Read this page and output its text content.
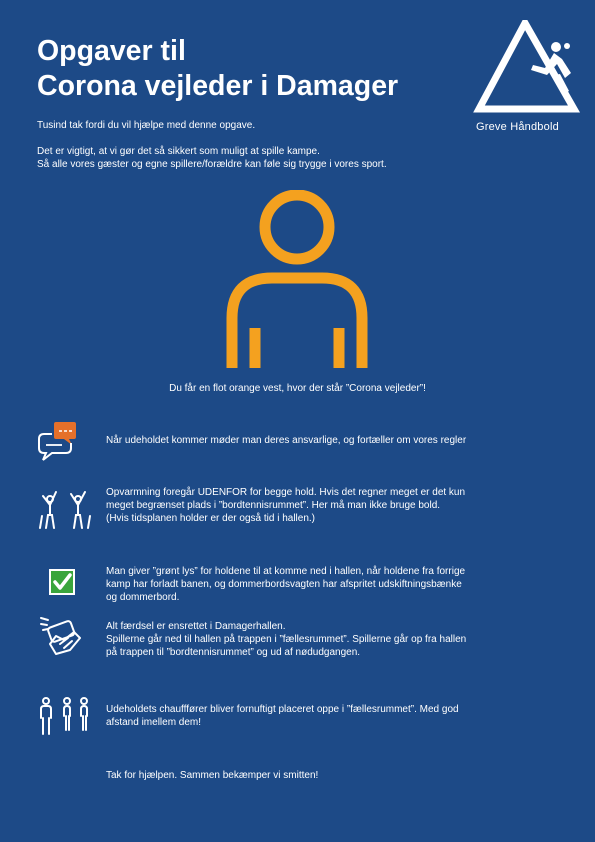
Opgaver til
Corona vejleder i Damager
Greve Håndbold

Tusind tak fordi du vil hjælpe med denne opgave.

Det er vigtigt, at vi gør det så sikkert som muligt at spille kampe.

Så alle vores gæster og egne spillere/forældre kan føle sig trygge i vores sport.

Du får en flot orange vest, hvor der står ”Corona vejleder”!

Når udeholdet kommer møder man deres ansvarlige, og fortæller om vores regler

Opvarmning foregår UDENFOR for begge hold. Hvis det regner meget er det kun

meget begrænset plads i ”bordtennisrummet”. Her må man ikke bruge bold.

(Hvis tidsplanen holder er der også tid i hallen.)

Man giver ”grønt lys” for holdene til at komme ned i hallen, når holdene fra forrige

kamp har forladt banen, og dommerbordsvagten har afspritet udskiftningsbænke

og dommerbord.

Alt færdsel er ensrettet i Damagerhallen.

Spillerne går ned til hallen på trappen i ”fællesrummet”. Spillerne går op fra hallen

på trappen til ”bordtennisrummet” og ud af nødudgangen.

Udeholdets chaufffører bliver fornuftigt placeret oppe i ”fællesrummet”. Med god

afstand imellem dem!

Tak for hjælpen. Sammen bekæmper vi smitten!
